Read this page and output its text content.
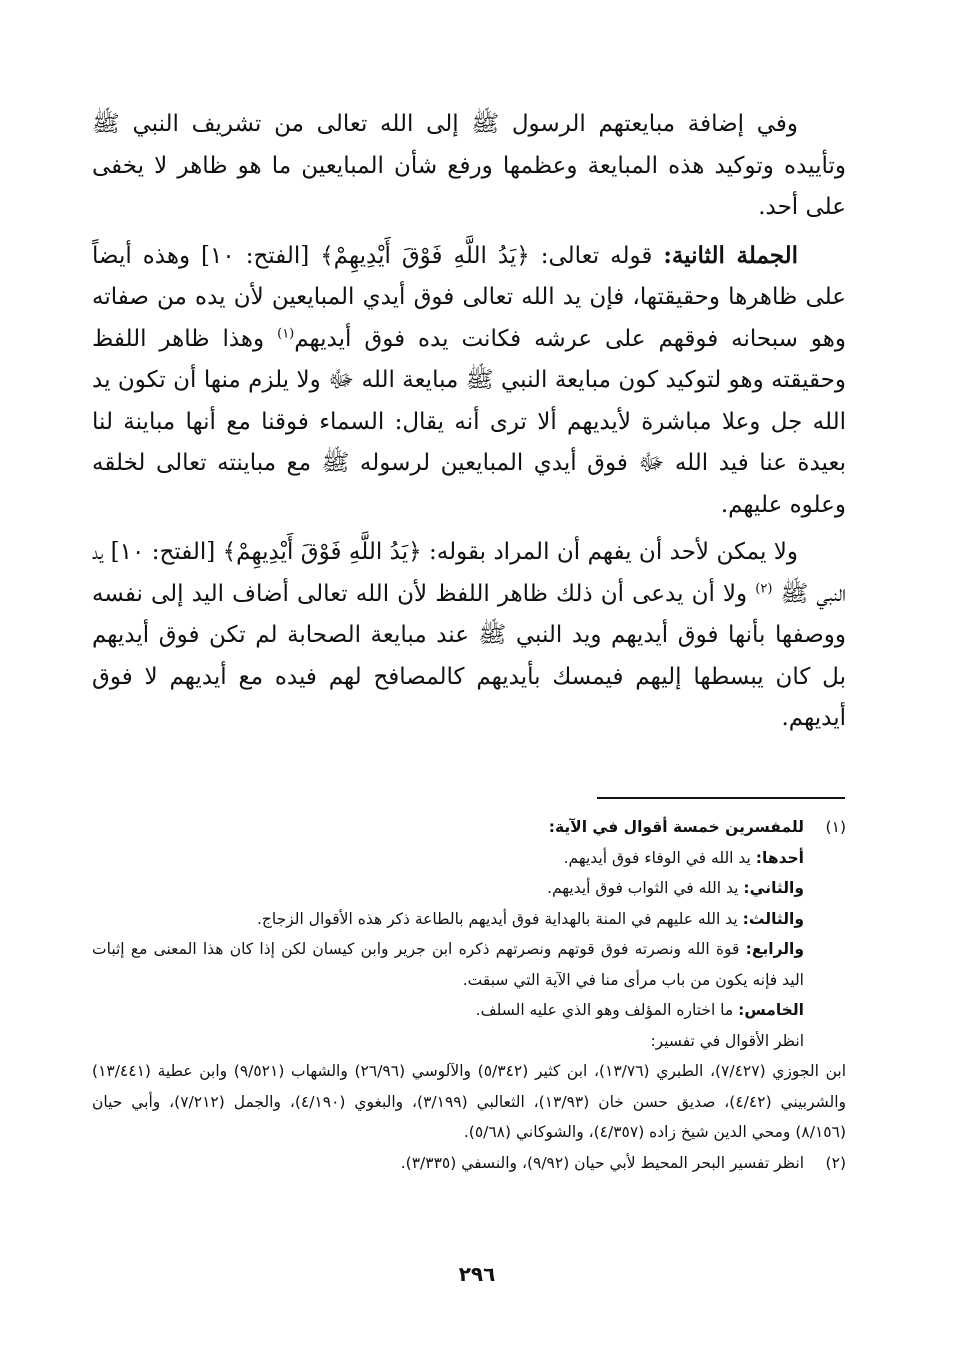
وفي إضافة مبايعتهم الرسول ﷺ إلى الله تعالى من تشريف النبي ﷺ وتأييده وتوكيد هذه المبايعة وعظمها ورفع شأن المبايعين ما هو ظاهر لا يخفى على أحد.

الجملة الثانية: قوله تعالى: ﴿يَدُ اللَّهِ فَوْقَ أَيْدِيهِمْ﴾ [الفتح: ١٠] وهذه أيضاً على ظاهرها وحقيقتها، فإن يد الله تعالى فوق أيدي المبايعين لأن يده من صفاته وهو سبحانه فوقهم على عرشه فكانت يده فوق أيديهم$^{(١)}$ وهذا ظاهر اللفظ وحقيقته وهو لتوكيد كون مبايعة النبي ﷺ مبايعة الله ﷻ ولا يلزم منها أن تكون يد الله جل وعلا مباشرة لأيديهم ألا ترى أنه يقال: السماء فوقنا مع أنها مباينة لنا بعيدة عنا فيد الله ﷻ فوق أيدي المبايعين لرسوله ﷺ مع مباينته تعالى لخلقه وعلوه عليهم.

ولا يمكن لأحد أن يفهم أن المراد بقوله: ﴿يَدُ اللَّهِ فَوْقَ أَيْدِيهِمْ﴾ [الفتح: ١٠] يد النبي ﷺ $^{(٢)}$ ولا أن يدعى أن ذلك ظاهر اللفظ لأن الله تعالى أضاف اليد إلى نفسه ووصفها بأنها فوق أيديهم ويد النبي ﷺ عند مبايعة الصحابة لم تكن فوق أيديهم بل كان يبسطها إليهم فيمسك بأيديهم كالمصافح لهم فيده مع أيديهم لا فوق أيديهم.

(١)

للمفسرين خمسة أقوال في الآية:

أحدها: يد الله في الوفاء فوق أيديهم.

والثاني: يد الله في الثواب فوق أيديهم.

والثالث: يد الله عليهم في المنة بالهداية فوق أيديهم بالطاعة ذكر هذه الأقوال الزجاج.

والرابع: قوة الله ونصرته فوق قوتهم ونصرتهم ذكره ابن جرير وابن كيسان لكن إذا كان هذا المعنى مع إثبات اليد فإنه يكون من باب مرأى منا في الآية التي سبقت.

الخامس: ما اختاره المؤلف وهو الذي عليه السلف.

انظر الأقوال في تفسير:

ابن الجوزي (٧/٤٢٧)، الطبري (١٣/٧٦)، ابن كثير (٥/٣٤٢) والآلوسي (٢٦/٩٦) والشهاب (٩/٥٢١) وابن عطية (١٣/٤٤١) والشربيني (٤/٤٢)، صديق حسن خان (١٣/٩٣)، الثعالبي (٣/١٩٩)، والبغوي (٤/١٩٠)، والجمل (٧/٢١٢)، وأبي حيان (٨/١٥٦) ومحي الدين شيخ زاده (٤/٣٥٧)، والشوكاني (٥/٦٨).

(٢)
انظر تفسير البحر المحيط لأبي حيان (٩/٩٢)، والنسفي (٣/٣٣٥).
٢٩٦
